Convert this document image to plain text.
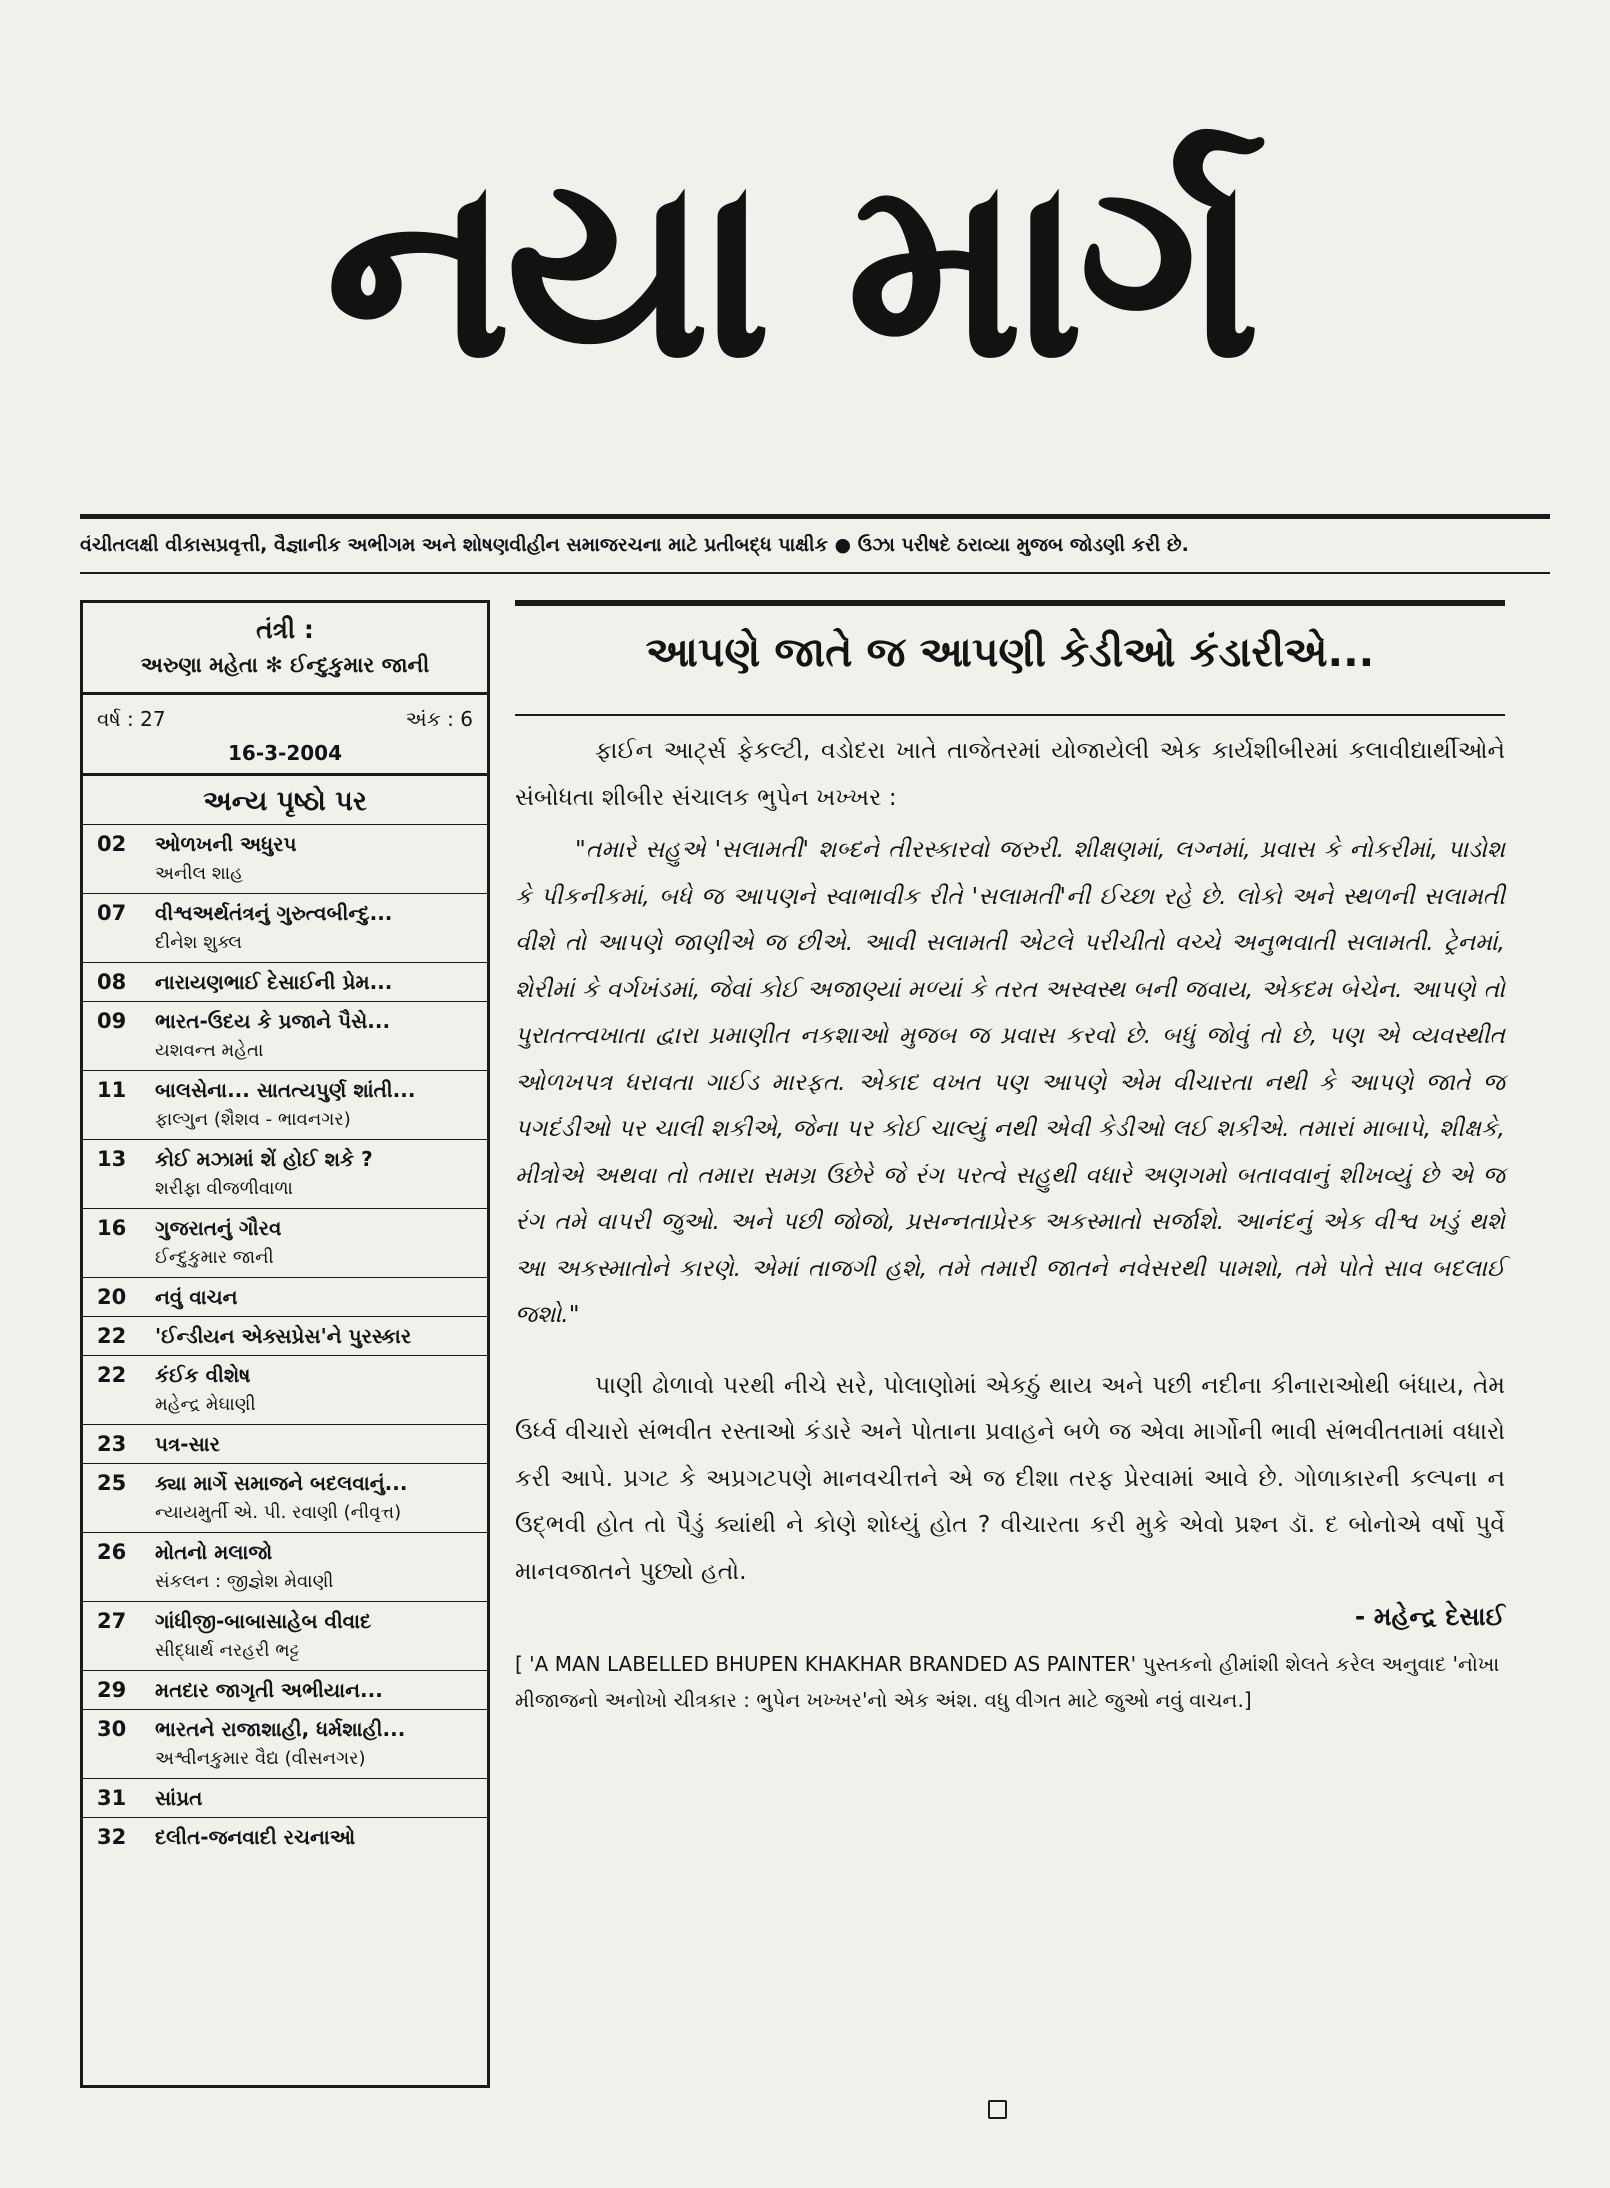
નયા માર્ગ
વંચીતલક્ષી વીકાસપ્રવૃત્તી, વૈજ્ઞાનીક અભીગમ અને શોષણવીહીન સમાજરચના માટે પ્રતીબદ્ધ પાક્ષીક ● ઉંઝા પરીષદે ઠરાવ્યા મુજબ જોડણી કરી છે.
તંત્રી :
અરુણા મહેતા ✻ ઈન્દુકુમાર જાની
વર્ષ : 27	અંક : 6
16-3-2004
અન્ય પૃષ્ઠો પર
02	ઓળખની અધુરપ
અનીલ શાહ
07	વીશ્વઅર્થતંત્રનું ગુરુત્વબીન્દુ...
દીનેશ શુક્લ
08	નારાયણભાઈ દેસાઈની પ્રેમ...
09	ભારત-ઉદય કે પ્રજાને પૈસે...
યશવન્ત મહેતા
11	બાલસેના... સાતત્યપુર્ણ શાંતી...
ફાલ્ગુન (શૈશવ - ભાવનગર)
13	કોઈ મઝામાં શેં હોઈ શકે ?
શરીફા વીજળીવાળા
16	ગુજરાતનું ગૌરવ
ઈન્દુકુમાર જાની
20	નવું વાચન
22	'ઈન્ડીયન એક્સપ્રેસ'ને પુરસ્કાર
22	કંઈક વીશેષ
મહેન્દ્ર મેઘાણી
23	પત્ર-સાર
25	ક્યા માર્ગે સમાજને બદલવાનું...
ન્યાયમુર્તી એ. પી. રવાણી (નીવૃત્ત)
26	મોતનો મલાજો
સંકલન : જીજ્ઞેશ મેવાણી
27	ગાંધીજી-બાબાસાહેબ વીવાદ
સીદ્ધાર્થ નરહરી ભટ્ટ
29	મતદાર જાગૃતી અભીયાન...
30	ભારતને રાજાશાહી, ધર્મશાહી...
અશ્વીનકુમાર વૈદ્ય (વીસનગર)
31	સાંપ્રત
32	દલીત-જનવાદી રચનાઓ
આપણે જાતે જ આપણી કેડીઓ કંડારીએ...

ફાઈન આર્ટ્સ ફેકલ્ટી, વડોદરા ખાતે તાજેતરમાં યોજાયેલી એક કાર્યશીબીરમાં કલાવીદ્યાર્થીઓને સંબોધતા શીબીર સંચાલક ભુપેન ખખ્ખર :

"તમારે સહુએ 'સલામતી' શબ્દને તીરસ્કારવો જરુરી. શીક્ષણમાં, લગ્નમાં, પ્રવાસ કે નોકરીમાં, પાડોશ કે પીકનીકમાં, બધે જ આપણને સ્વાભાવીક રીતે 'સલામતી'ની ઈચ્છા રહે છે. લોકો અને સ્થળની સલામતી વીશે તો આપણે જાણીએ જ છીએ. આવી સલામતી એટલે પરીચીતો વચ્ચે અનુભવાતી સલામતી. ટ્રેનમાં, શેરીમાં કે વર્ગખંડમાં, જેવાં કોઈ અજાણ્યાં મળ્યાં કે તરત અસ્વસ્થ બની જવાય, એકદમ બેચેન. આપણે તો પુરાતત્ત્વખાતા દ્વારા પ્રમાણીત નકશાઓ મુજબ જ પ્રવાસ કરવો છે. બધું જોવું તો છે, પણ એ વ્યવસ્થીત ઓળખપત્ર ધરાવતા ગાઈડ મારફત. એકાદ વખત પણ આપણે એમ વીચારતા નથી કે આપણે જાતે જ પગદંડીઓ પર ચાલી શકીએ, જેના પર કોઈ ચાલ્યું નથી એવી કેડીઓ લઈ શકીએ. તમારાં માબાપે, શીક્ષકે, મીત્રોએ અથવા તો તમારા સમગ્ર ઉછેરે જે રંગ પરત્વે સહુથી વધારે અણગમો બતાવવાનું શીખવ્યું છે એ જ રંગ તમે વાપરી જુઓ. અને પછી જોજો, પ્રસન્નતાપ્રેરક અકસ્માતો સર્જાશે. આનંદનું એક વીશ્વ ખડું થશે આ અકસ્માતોને કારણે. એમાં તાજગી હશે, તમે તમારી જાતને નવેસરથી પામશો, તમે પોતે સાવ બદલાઈ જશો."

પાણી ઢોળાવો પરથી નીચે સરે, પોલાણોમાં એકઠું થાય અને પછી નદીના કીનારાઓથી બંધાય, તેમ ઉર્ધ્વ વીચારો સંભવીત રસ્તાઓ કંડારે અને પોતાના પ્રવાહને બળે જ એવા માર્ગોની ભાવી સંભવીતતામાં વધારો કરી આપે. પ્રગટ કે અપ્રગટપણે માનવચીત્તને એ જ દીશા તરફ પ્રેરવામાં આવે છે. ગોળાકારની કલ્પના ન ઉદ્ભવી હોત તો પૈડું ક્યાંથી ને કોણે શોધ્યું હોત ? વીચારતા કરી મુકે એવો પ્રશ્ન ડૉ. દ બોનોએ વર્ષો પુર્વે માનવજાતને પુછ્યો હતો.

- મહેન્દ્ર દેસાઈ
[ 'A MAN LABELLED BHUPEN KHAKHAR BRANDED AS PAINTER' પુસ્તકનો હીમાંશી શેલતે કરેલ અનુવાદ 'નોખા મીજાજનો અનોખો ચીત્રકાર : ભુપેન ખખ્ખર'નો એક અંશ. વધુ વીગત માટે જુઓ નવું વાચન.]
